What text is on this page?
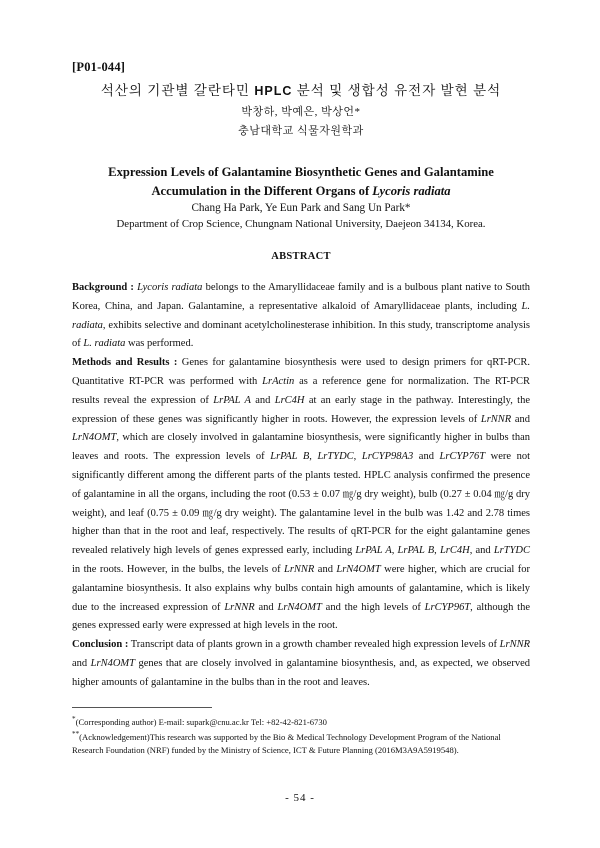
[P01-044]
석산의 기관별 갈란타민 HPLC 분석 및 생합성 유전자 발현 분석
박창하, 박예은, 박상언*
충남대학교 식물자원학과
Expression Levels of Galantamine Biosynthetic Genes and Galantamine
Accumulation in the Different Organs of Lycoris radiata
Chang Ha Park, Ye Eun Park and Sang Un Park*
Department of Crop Science, Chungnam National University, Daejeon 34134, Korea.
ABSTRACT

Background : Lycoris radiata belongs to the Amaryllidaceae family and is a bulbous plant native to South Korea, China, and Japan. Galantamine, a representative alkaloid of Amaryllidaceae plants, including L. radiata, exhibits selective and dominant acetylcholinesterase inhibition. In this study, transcriptome analysis of L. radiata was performed.

Methods and Results : Genes for galantamine biosynthesis were used to design primers for qRT-PCR. Quantitative RT-PCR was performed with LrActin as a reference gene for normalization. The RT-PCR results reveal the expression of LrPAL A and LrC4H at an early stage in the pathway. Interestingly, the expression of these genes was significantly higher in roots. However, the expression levels of LrNNR and LrN4OMT, which are closely involved in galantamine biosynthesis, were significantly higher in bulbs than leaves and roots. The expression levels of LrPAL B, LrTYDC, LrCYP98A3 and LrCYP76T were not significantly different among the different parts of the plants tested. HPLC analysis confirmed the presence of galantamine in all the organs, including the root (0.53 ± 0.07 ㎎/g dry weight), bulb (0.27 ± 0.04 ㎎/g dry weight), and leaf (0.75 ± 0.09 ㎎/g dry weight). The galantamine level in the bulb was 1.42 and 2.78 times higher than that in the root and leaf, respectively. The results of qRT-PCR for the eight galantamine genes revealed relatively high levels of genes expressed early, including LrPAL A, LrPAL B, LrC4H, and LrTYDC in the roots. However, in the bulbs, the levels of LrNNR and LrN4OMT were higher, which are crucial for galantamine biosynthesis. It also explains why bulbs contain high amounts of galantamine, which is likely due to the increased expression of LrNNR and LrN4OMT and the high levels of LrCYP96T, although the genes expressed early were expressed at high levels in the root.

Conclusion : Transcript data of plants grown in a growth chamber revealed high expression levels of LrNNR and LrN4OMT genes that are closely involved in galantamine biosynthesis, and, as expected, we observed higher amounts of galantamine in the bulbs than in the root and leaves.

*(Corresponding author) E-mail: supark@cnu.ac.kr Tel: +82-42-821-6730

**(Acknowledgement)This research was supported by the Bio & Medical Technology Development Program of the National Research Foundation (NRF) funded by the Ministry of Science, ICT & Future Planning (2016M3A9A5919548).

- 54 -
